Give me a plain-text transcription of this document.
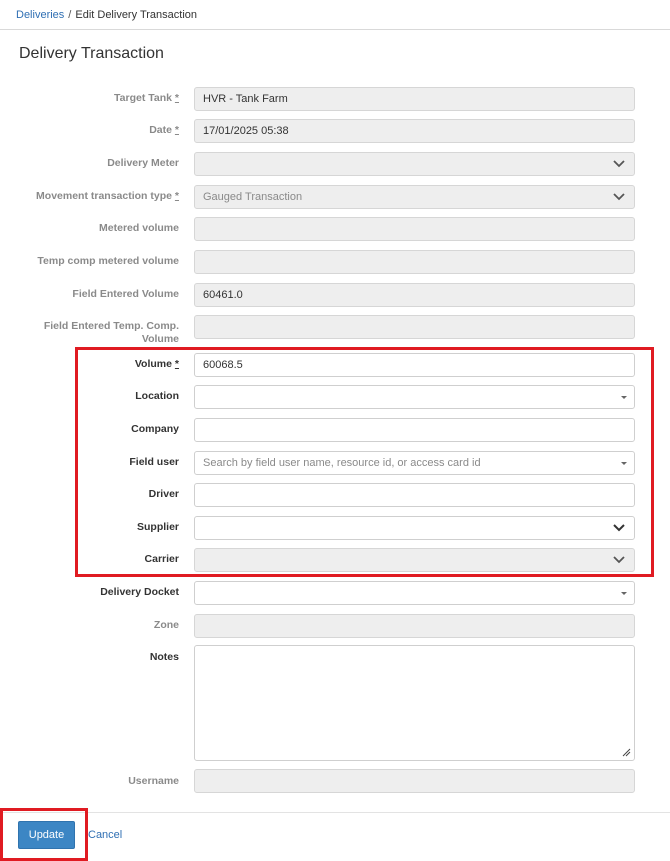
Deliveries / Edit Delivery Transaction
Delivery Transaction
Target Tank *	HVR - Tank Farm
Date *	17/01/2025 05:38
Delivery Meter
Movement transaction type *	Gauged Transaction
Metered volume
Temp comp metered volume
Field Entered Volume	60461.0
Field Entered Temp. Comp. Volume
Volume *	60068.5
Location
Company
Field user	Search by field user name, resource id, or access card id
Driver
Supplier
Carrier
Delivery Docket
Zone
Notes
Username
Update	Cancel
